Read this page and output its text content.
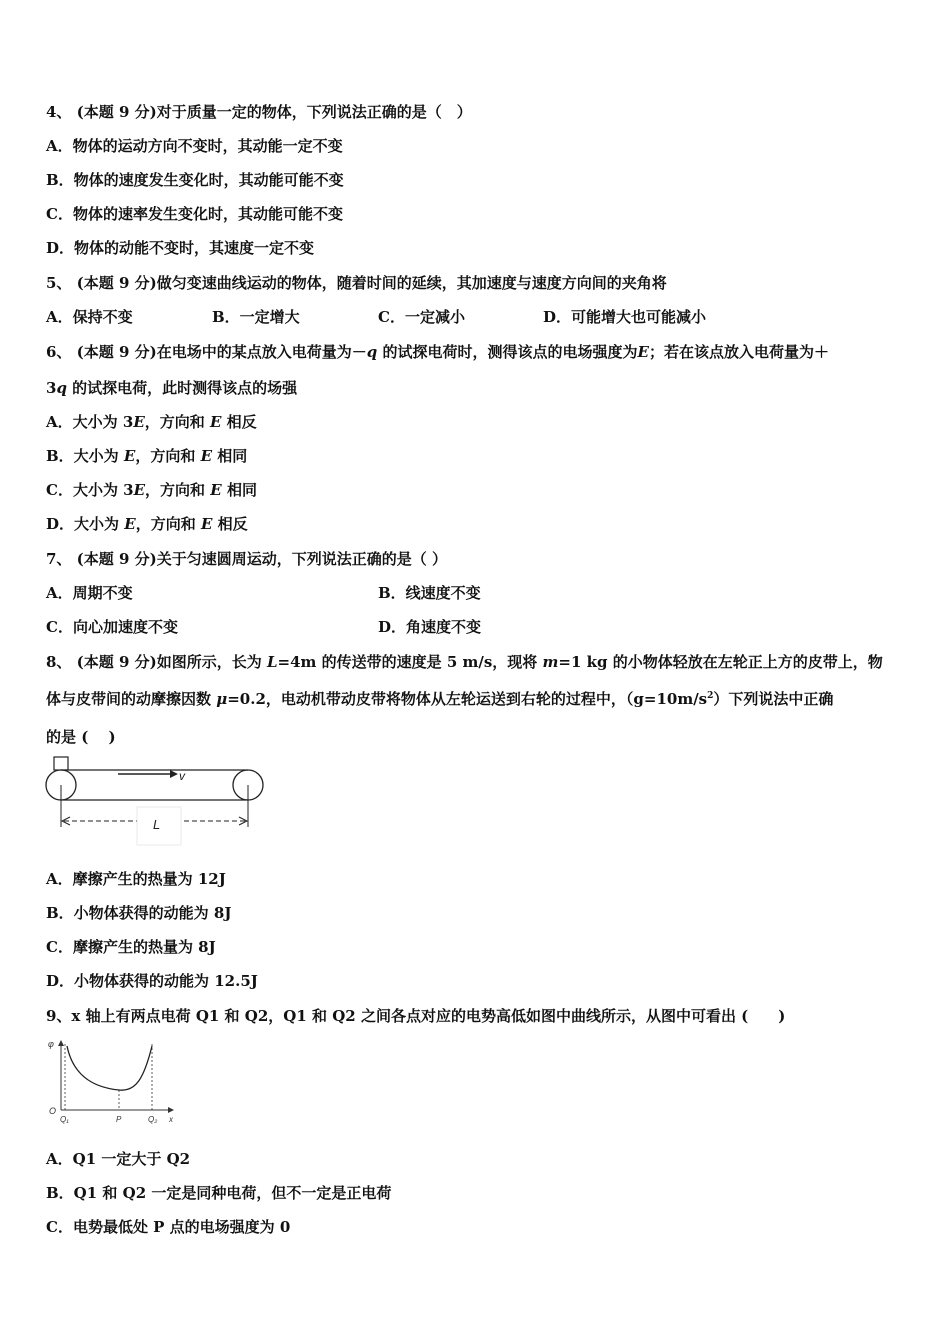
4、 (本题 9 分)对于质量一定的物体，下列说法正确的是（　）
A．物体的运动方向不变时，其动能一定不变
B．物体的速度发生变化时，其动能可能不变
C．物体的速率发生变化时，其动能可能不变
D．物体的动能不变时，其速度一定不变
5、 (本题 9 分)做匀变速曲线运动的物体，随着时间的延续，其加速度与速度方向间的夹角将
A．保持不变	B．一定增大	C．一定减小	D．可能增大也可能减小
6、 (本题 9 分)在电场中的某点放入电荷量为－q 的试探电荷时，测得该点的电场强度为E；若在该点放入电荷量为＋
3q 的试探电荷，此时测得该点的场强
A．大小为 3E，方向和 E 相反
B．大小为 E，方向和 E 相同
C．大小为 3E，方向和 E 相同
D．大小为 E，方向和 E 相反
7、 (本题 9 分)关于匀速圆周运动，下列说法正确的是（ ）
A．周期不变	B．线速度不变
C．向心加速度不变	D．角速度不变
8、 (本题 9 分)如图所示，长为 L=4m 的传送带的速度是 5 m/s，现将 m=1 kg 的小物体轻放在左轮正上方的皮带上，物
体与皮带间的动摩擦因数 μ=0.2，电动机带动皮带将物体从左轮运送到右轮的过程中，$(g=10m/s^2)$下列说法中正确
的是 (　 )
v
L
A．摩擦产生的热量为 12J
B．小物体获得的动能为 8J
C．摩擦产生的热量为 8J
D．小物体获得的动能为 12.5J
9、x 轴上有两点电荷 Q1 和 Q2，Q1 和 Q2 之间各点对应的电势高低如图中曲线所示，从图中可看出 (　　)
φ
O
Q₁	P	Q₂ x
A．Q1 一定大于 Q2
B．Q1 和 Q2 一定是同种电荷，但不一定是正电荷
C．电势最低处 P 点的电场强度为 0
